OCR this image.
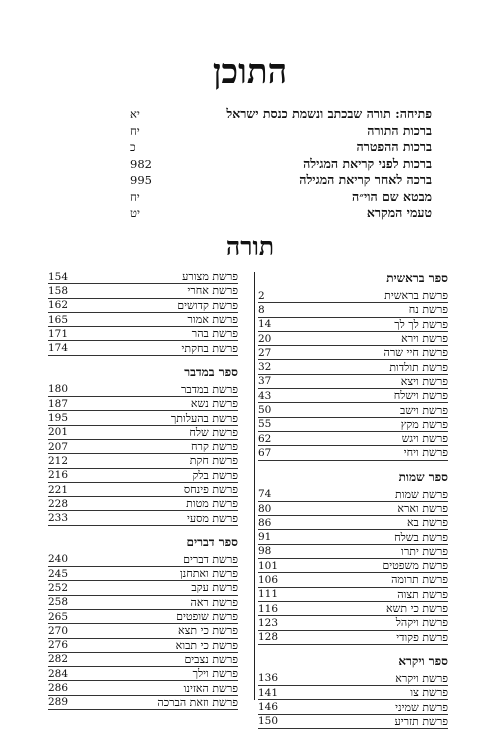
התוכן
יא	פתיחה: תורה שבכתב ונשמת כנסת ישראל
יח	ברכות התורה
כ	ברכות ההפטרה
982	ברכות לפני קריאת המגילה
995	ברכה לאחר קריאת המגילה
יח	מבטא שם הוי״ה
יט	טעמי המקרא
תורה
ספר בראשית
2	פרשת בראשית
8	פרשת נח
14	פרשת לך לך
20	פרשת וירא
27	פרשת חיי שרה
32	פרשת תולדות
37	פרשת ויצא
43	פרשת וישלח
50	פרשת וישב
55	פרשת מקץ
62	פרשת ויגש
67	פרשת ויחי
ספר שמות
74	פרשת שמות
80	פרשת וארא
86	פרשת בא
91	פרשת בשלח
98	פרשת יתרו
101	פרשת משפטים
106	פרשת תרומה
111	פרשת תצוה
116	פרשת כי תשא
123	פרשת ויקהל
128	פרשת פקודי
ספר ויקרא
136	פרשת ויקרא
141	פרשת צו
146	פרשת שמיני
150	פרשת תזריע
154	פרשת מצורע
158	פרשת אחרי
162	פרשת קדושים
165	פרשת אמור
171	פרשת בהר
174	פרשת בחקתי
ספר במדבר
180	פרשת במדבר
187	פרשת נשא
195	פרשת בהעלותך
201	פרשת שלח
207	פרשת קרח
212	פרשת חקת
216	פרשת בלק
221	פרשת פינחס
228	פרשת מטות
233	פרשת מסעי
ספר דברים
240	פרשת דברים
245	פרשת ואתחנן
252	פרשת עקב
258	פרשת ראה
265	פרשת שופטים
270	פרשת כי תצא
276	פרשת כי תבוא
282	פרשת נצבים
284	פרשת וילך
286	פרשת האזינו
289	פרשת וזאת הברכה
